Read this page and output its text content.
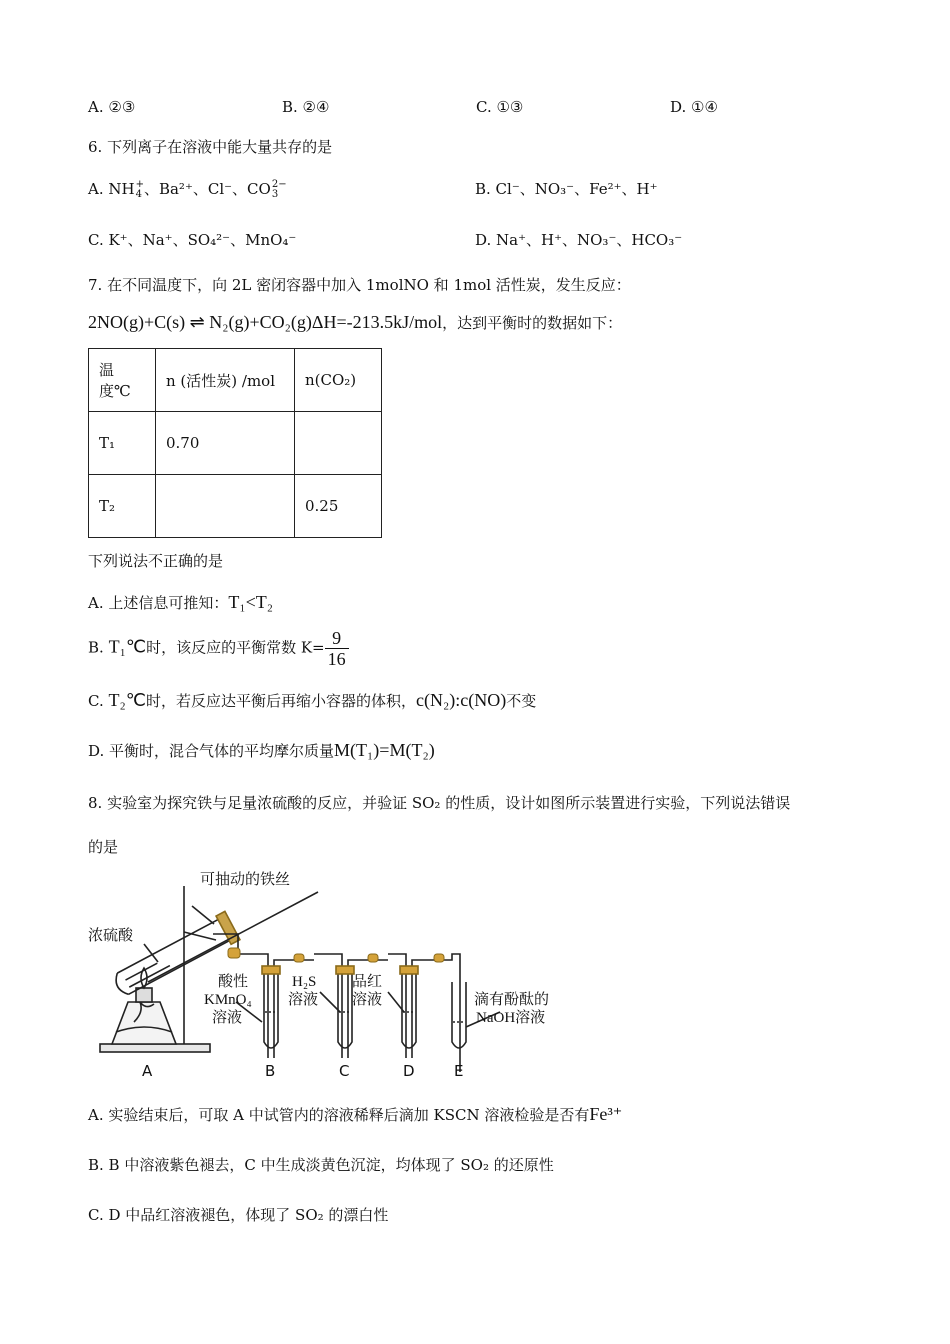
A. ②③	B. ②④	C. ①③	D. ①④
6. 下列离子在溶液中能大量共存的是
A. NH +
4 、Ba²⁺、Cl⁻、CO 2−
3	B. Cl⁻、NO₃⁻、Fe²⁺、H⁺
C. K⁺、Na⁺、SO₄²⁻、MnO₄⁻	D. Na⁺、H⁺、NO₃⁻、HCO₃⁻
7. 在不同温度下，向 2L 密闭容器中加入 1molNO 和 1mol 活性炭，发生反应：
2NO(g)+C(s) ⇌ N₂(g)+CO₂(g)ΔH=-213.5kJ/mol，达到平衡时的数据如下：
温度℃	n (活性炭) /mol	n(CO₂)
T₁	0.70	
T₂		0.25
下列说法不正确的是
A. 上述信息可推知：T₁<T₂
B. T₁℃时，该反应的平衡常数 $K= \frac{9}{16}$
C. T₂℃时，若反应达平衡后再缩小容器的体积，c(N₂):c(NO)不变
D. 平衡时，混合气体的平均摩尔质量M(T₁)=M(T₂)
8. 实验室为探究铁与足量浓硫酸的反应，并验证 SO₂ 的性质，设计如图所示装置进行实验，下列说法错误
的是
可抽动的铁丝
浓硫酸
酸性
KMnO₄
溶液
H₂S
溶液
品红
溶液	滴有酚酞的
NaOH溶液
A	B	C	D	E
A. 实验结束后，可取 A 中试管内的溶液稀释后滴加 KSCN 溶液检验是否有Fe³⁺
B. B 中溶液紫色褪去，C 中生成淡黄色沉淀，均体现了 SO₂ 的还原性
C. D 中品红溶液褪色，体现了 SO₂ 的漂白性
